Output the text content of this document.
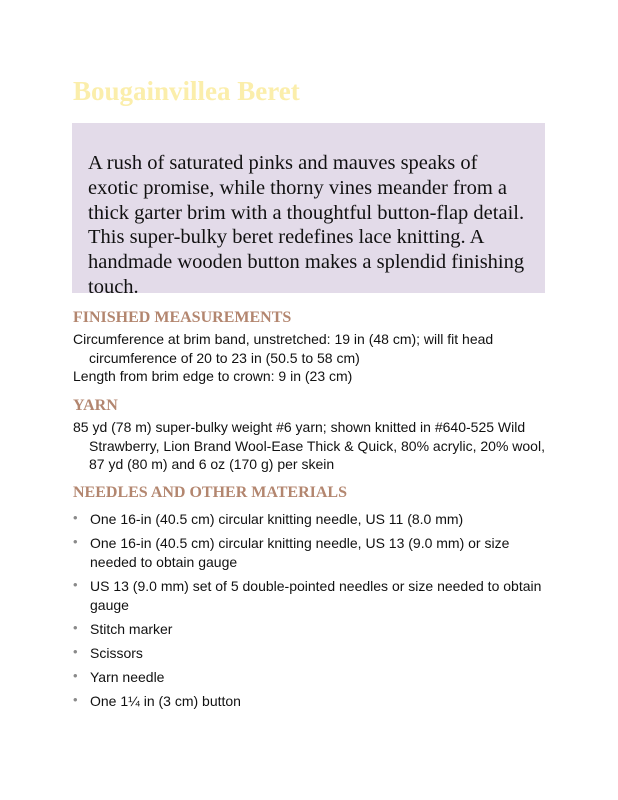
Bougainvillea Beret

A rush of saturated pinks and mauves speaks of exotic promise, while thorny vines meander from a thick garter brim with a thoughtful button-flap detail. This super-bulky beret redefines lace knitting. A handmade wooden button makes a splendid finishing touch.

FINISHED MEASUREMENTS

Circumference at brim band, unstretched: 19 in (48 cm); will fit head circumference of 20 to 23 in (50.5 to 58 cm)

Length from brim edge to crown: 9 in (23 cm)

YARN

85 yd (78 m) super-bulky weight #6 yarn; shown knitted in #640-525 Wild Strawberry, Lion Brand Wool-Ease Thick & Quick, 80% acrylic, 20% wool, 87 yd (80 m) and 6 oz (170 g) per skein

NEEDLES AND OTHER MATERIALS
• One 16-in (40.5 cm) circular knitting needle, US 11 (8.0 mm)
• One 16-in (40.5 cm) circular knitting needle, US 13 (9.0 mm) or size needed to obtain gauge
• US 13 (9.0 mm) set of 5 double-pointed needles or size needed to obtain gauge
• Stitch marker
• Scissors
• Yarn needle
• One 1¼ in (3 cm) button
